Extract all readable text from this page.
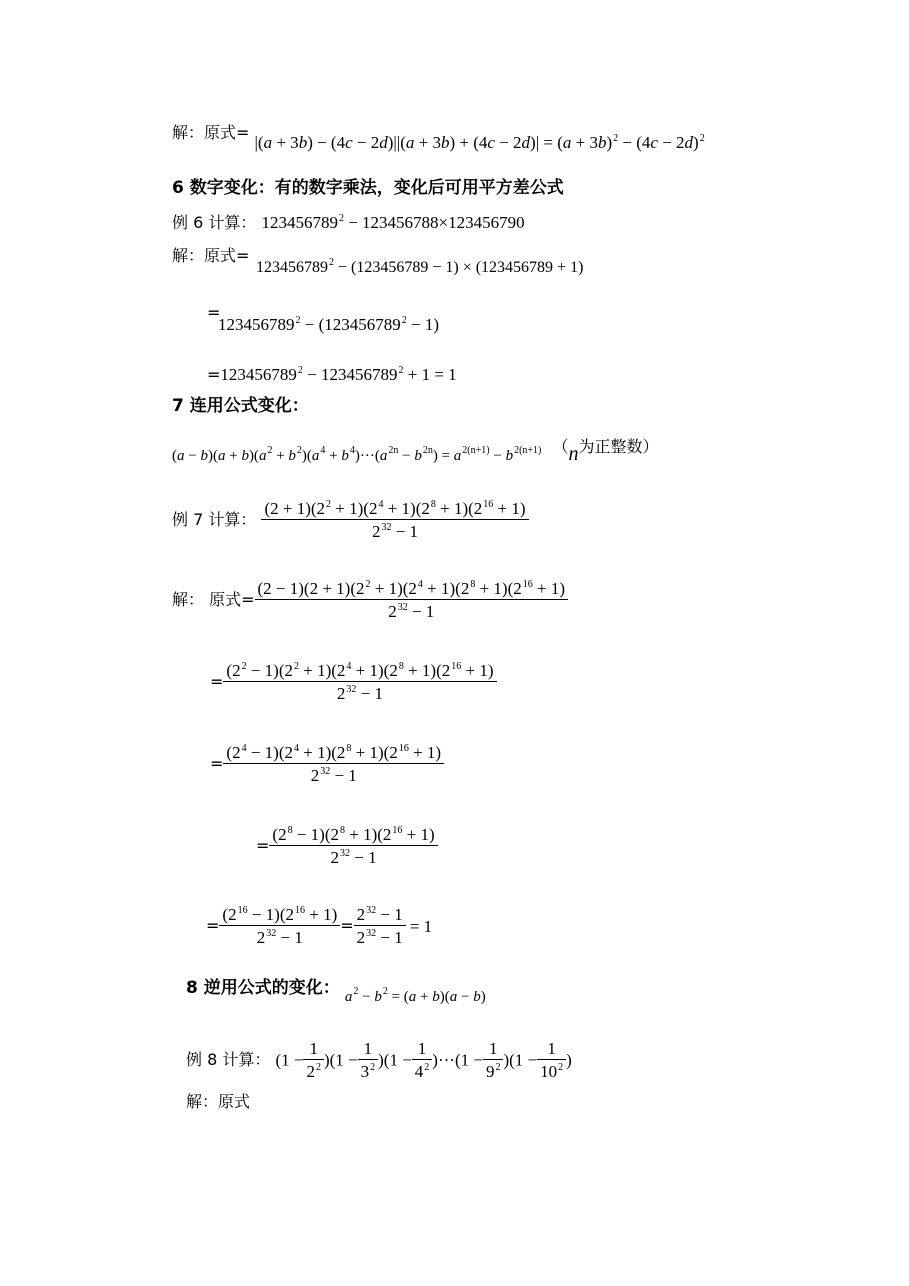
解：原式= $|(a + 3b) - (4c - 2d)||(a + 3b) + (4c - 2d)| = (a + 3b)^2 - (4c - 2d)^2$
6 数字变化：有的数字乘法，变化后可用平方差公式
例 6 计算： $123456789^2 - 123456788\times 123456790$
解：原式=
$123456789^2 - (123456789 - 1) \times (123456789 + 1)$
=
$123456789^2 - (123456789^2 - 1)$
$=123456789^2 - 123456789^2 + 1 = 1$
7 连用公式变化：
$(a - b)(a + b)(a^2 + b^2)(a^4 + b^4)\cdot\cdot\cdot(a^{2n} - b^{2n}) = a^{2(n+1)} - b^{2(n+1)}$ （n为正整数）
例 7 计算： $\frac{(2 + 1)(2^2 + 1)(2^4 + 1)(2^8 + 1)(2^{16} + 1)}{2^{32} - 1}$
解： 原式= $\frac{(2 - 1)(2 + 1)(2^2 + 1)(2^4 + 1)(2^8 + 1)(2^{16} + 1)}{2^{32} - 1}$
= $\frac{(2^2 - 1)(2^2 + 1)(2^4 + 1)(2^8 + 1)(2^{16} + 1)}{2^{32} - 1}$
= $\frac{(2^4 - 1)(2^4 + 1)(2^8 + 1)(2^{16} + 1)}{2^{32} - 1}$
= $\frac{(2^8 - 1)(2^8 + 1)(2^{16} + 1)}{2^{32} - 1}$
= $\frac{(2^{16} - 1)(2^{16} + 1)}{2^{32} - 1} = \frac{2^{32} - 1}{2^{32} - 1} = 1$
8 逆用公式的变化： $a^2 - b^2 = (a + b)(a - b)$
例 8 计算： $(1 - \frac{1}{2^2} )(1 - \frac{1}{3^2} )(1 - \frac{1}{4^2} )\cdot\cdot\cdot(1 - \frac{1}{9^2} )(1 - \frac{1}{10^2}$ )
解：原式
